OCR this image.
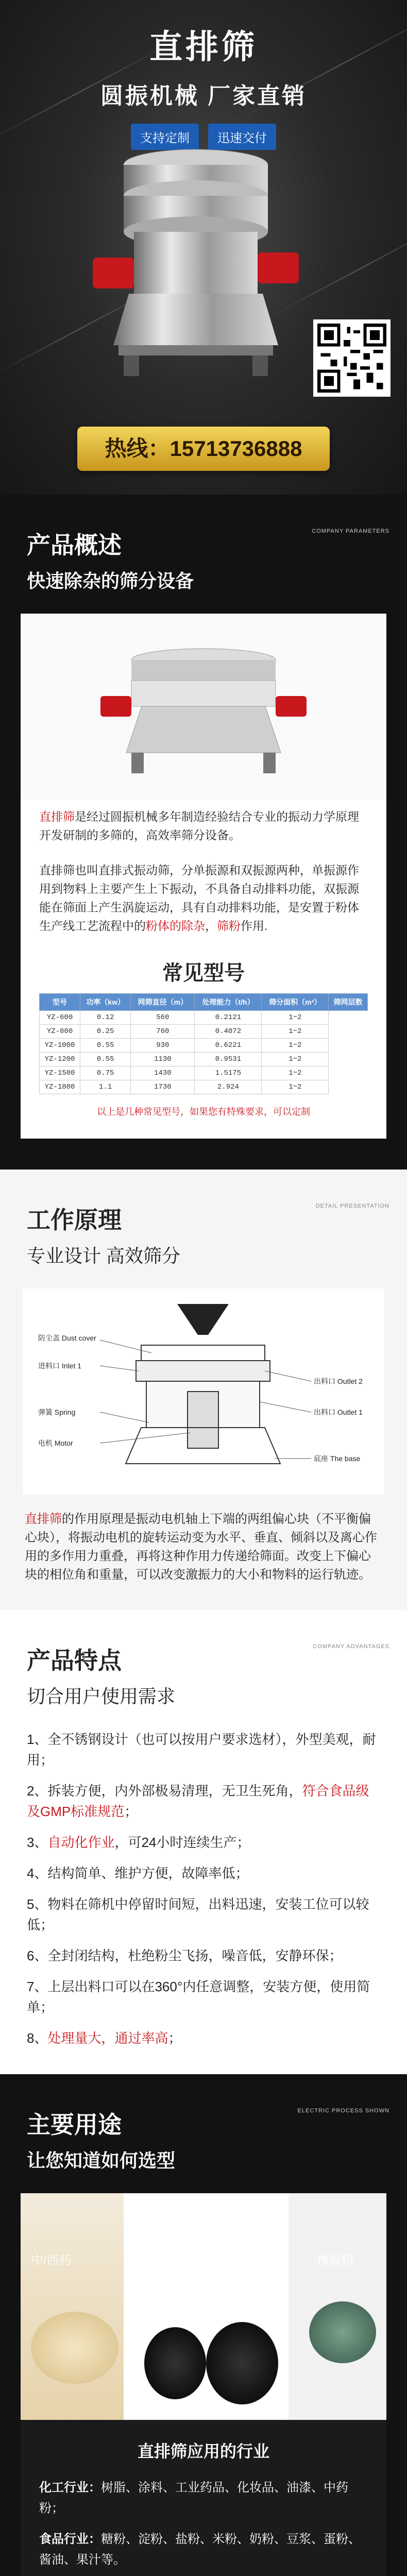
直排筛
圆振机械 厂家直销
支持定制	迅速交付
热线：15713736888
COMPANY PARAMETERS
产品概述
快速除杂的筛分设备

直排筛是经过圆振机械多年制造经验结合专业的振动力学原理开发研制的多筛的，高效率筛分设备。

直排筛也叫直排式振动筛，分单振源和双振源两种，单振源作用到物料上主要产生上下振动，不具备自动排料功能，双振源能在筛面上产生涡旋运动，具有自动排料功能，是安置于粉体生产线工艺流程中的粉体的除杂，筛粉作用.

常见型号
型号	功率（kw）	网筛直径（m）	处理能力（t/h）	筛分面积（m²）	筛网层数
YZ-600	0.12	560	0.2121	1~2	
YZ-800	0.25	760	0.4072	1~2	
YZ-1000	0.55	930	0.6221	1~2	
YZ-1200	0.55	1130	0.9531	1~2	
YZ-1500	0.75	1430	1.5175	1~2	
YZ-1800	1.1	1730	2.924	1~2	
以上是几种常见型号，如果您有特殊要求，可以定制
DETAIL PRESENTATION
工作原理
专业设计 高效筛分
防尘盖 Dust cover
进料口 Inlet 1
弹簧 Spring
电机 Motor
出料口 Outlet 2
出料口 Outlet 1
底座 The base

直排筛的作用原理是振动电机轴上下端的两组偏心块（不平衡偏心块），将振动电机的旋转运动变为水平、垂直、倾斜以及离心作用的多作用力重叠，再将这种作用力传递给筛面。改变上下偏心块的相位角和重量，可以改变激振力的大小和物料的运行轨迹。

COMPANY ADVANTAGES
产品特点
切合用户使用需求

1、全不锈钢设计（也可以按用户要求选材），外型美观，耐用；

2、拆装方便，内外部极易清理，无卫生死角，符合食品级及GMP标准规范；

3、自动化作业，可24小时连续生产；

4、结构简单、维护方便，故障率低；

5、物料在筛机中停留时间短，出料迅速，安装工位可以较低；

6、全封闭结构，杜绝粉尘飞扬，噪音低，安静环保；

7、上层出料口可以在360°内任意调整，安装方便，使用简单；

8、处理量大，通过率高；

ELECTRIC PROCESS SHOWN
主要用途
让您知道如何选型
中/西药
磷酸铁锂
锰酸锂
钴酸锂	橡胶粉
直排筛应用的行业

化工行业：树脂、涂料、工业药品、化妆品、油漆、中药粉；

食品行业：糖粉、淀粉、盐粉、米粉、奶粉、豆浆、蛋粉、酱油、果汁等。
